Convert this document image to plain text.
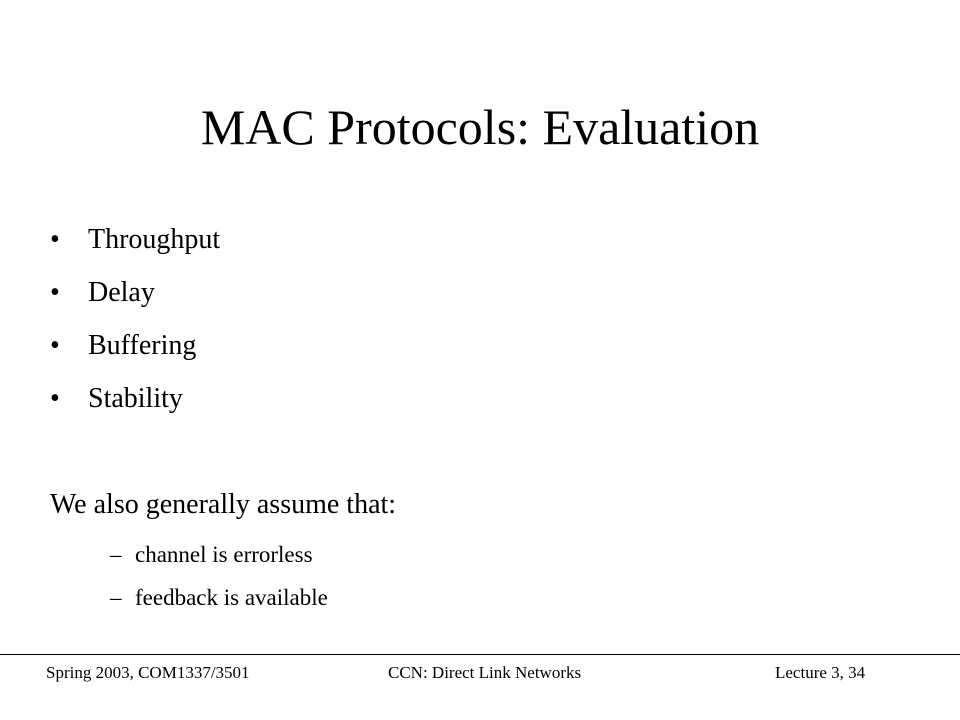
MAC Protocols: Evaluation
•	Throughput
•	Delay
•	Buffering
•	Stability

We also generally assume that:

– channel is errorless
– feedback is available
Spring 2003, COM1337/3501	CCN: Direct Link Networks	Lecture 3, 34
